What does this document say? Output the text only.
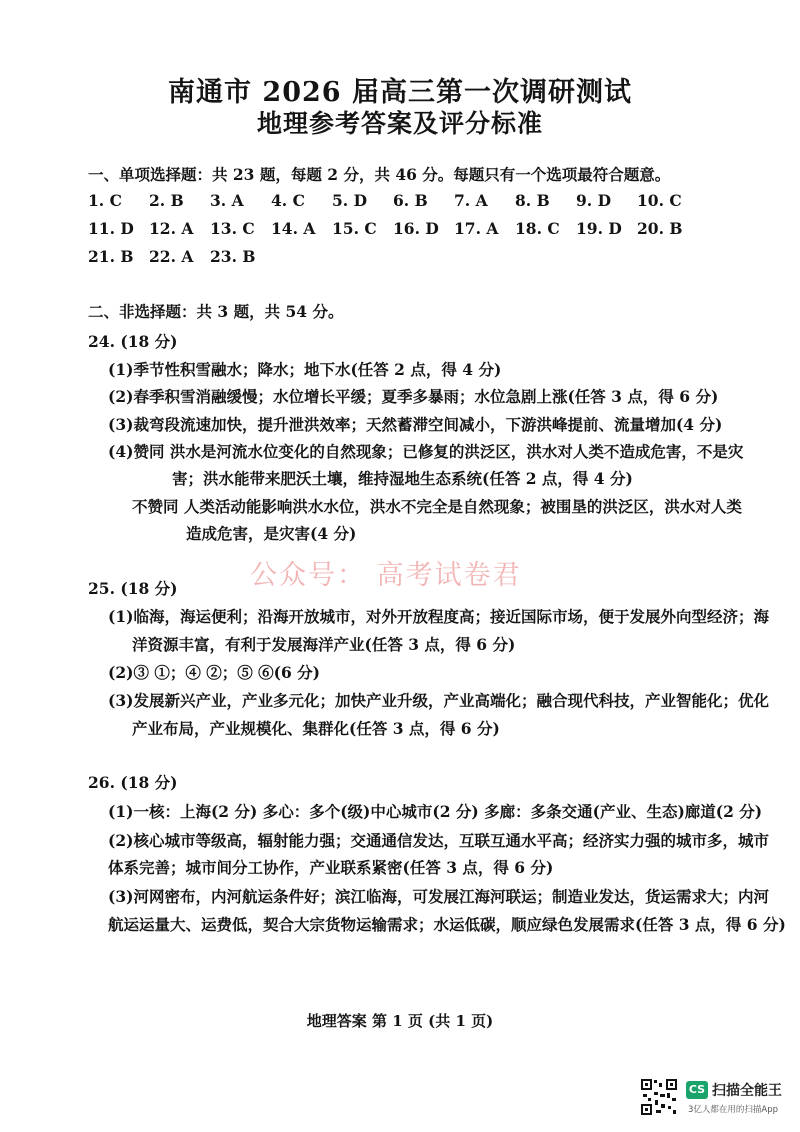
南通市 2026 届高三第一次调研测试
地理参考答案及评分标准
一、单项选择题：共 23 题，每题 2 分，共 46 分。每题只有一个选项最符合题意。
1. C 2. B 3. A 4. C 5. D 6. B 7. A 8. B 9. D 10. C
11. D 12. A 13. C 14. A 15. C 16. D 17. A 18. C 19. D 20. B
21. B 22. A 23. B
二、非选择题：共 3 题，共 54 分。
24. (18 分)
(1)季节性积雪融水；降水；地下水(任答 2 点，得 4 分)
(2)春季积雪消融缓慢；水位增长平缓；夏季多暴雨；水位急剧上涨(任答 3 点，得 6 分)
(3)裁弯段流速加快，提升泄洪效率；天然蓄滞空间减小，下游洪峰提前、流量增加(4 分)
(4)赞同 洪水是河流水位变化的自然现象；已修复的洪泛区，洪水对人类不造成危害，不是灾
害；洪水能带来肥沃土壤，维持湿地生态系统(任答 2 点，得 4 分)
不赞同 人类活动能影响洪水水位，洪水不完全是自然现象；被围垦的洪泛区，洪水对人类
造成危害，是灾害(4 分)
公众号： 高考试卷君
25. (18 分)
(1)临海，海运便利；沿海开放城市，对外开放程度高；接近国际市场，便于发展外向型经济；海
洋资源丰富，有利于发展海洋产业(任答 3 点，得 6 分)
(2)③ ①；④ ②；⑤ ⑥(6 分)
(3)发展新兴产业，产业多元化；加快产业升级，产业高端化；融合现代科技，产业智能化；优化
产业布局，产业规模化、集群化(任答 3 点，得 6 分)
26. (18 分)
(1)一核：上海(2 分) 多心：多个(级)中心城市(2 分) 多廊：多条交通(产业、生态)廊道(2 分)
(2)核心城市等级高，辐射能力强；交通通信发达，互联互通水平高；经济实力强的城市多，城市
体系完善；城市间分工协作，产业联系紧密(任答 3 点，得 6 分)
(3)河网密布，内河航运条件好；滨江临海，可发展江海河联运；制造业发达，货运需求大；内河
航运运量大、运费低，契合大宗货物运输需求；水运低碳，顺应绿色发展需求(任答 3 点，得 6 分)
地理答案 第 1 页 (共 1 页)
CS 扫描全能王
3亿人都在用的扫描App
